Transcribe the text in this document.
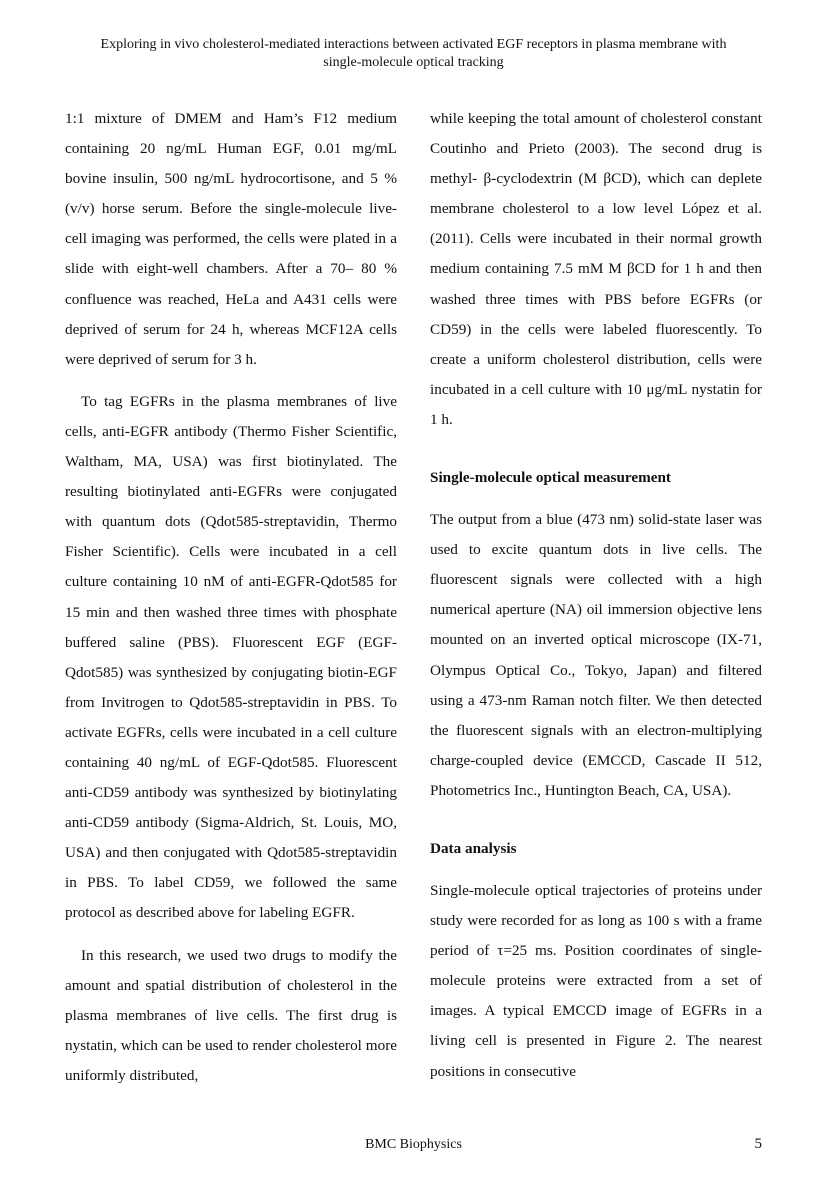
Exploring in vivo cholesterol-mediated interactions between activated EGF receptors in plasma membrane with
single-molecule optical tracking

1:1 mixture of DMEM and Ham’s F12 medium containing 20 ng/mL Human EGF, 0.01 mg/mL bovine insulin, 500 ng/mL hydrocortisone, and 5 %(v/v) horse serum. Before the single-molecule live-cell imaging was performed, the cells were plated in a slide with eight-well chambers. After a 70– 80 % confluence was reached, HeLa and A431 cells were deprived of serum for 24 h, whereas MCF12A cells were deprived of serum for 3 h.

To tag EGFRs in the plasma membranes of live cells, anti-EGFR antibody (Thermo Fisher Scientific, Waltham, MA, USA) was first biotinylated. The resulting biotinylated anti-EGFRs were conjugated with quantum dots (Qdot585-streptavidin, Thermo Fisher Scientific). Cells were incubated in a cell culture containing 10 nM of anti-EGFR-Qdot585 for 15 min and then washed three times with phosphate buffered saline (PBS). Fluorescent EGF (EGF-Qdot585) was synthesized by conjugating biotin-EGF from Invitrogen to Qdot585-streptavidin in PBS. To activate EGFRs, cells were incubated in a cell culture containing 40 ng/mL of EGF-Qdot585. Fluorescent anti-CD59 antibody was synthesized by biotinylating anti-CD59 antibody (Sigma-Aldrich, St. Louis, MO, USA) and then conjugated with Qdot585-streptavidin in PBS. To label CD59, we followed the same protocol as described above for labeling EGFR.

In this research, we used two drugs to modify the amount and spatial distribution of cholesterol in the plasma membranes of live cells. The first drug is nystatin, which can be used to render cholesterol more uniformly distributed,

while keeping the total amount of cholesterol constant Coutinho and Prieto (2003). The second drug is methyl- β-cyclodextrin (M βCD), which can deplete membrane cholesterol to a low level López et al. (2011). Cells were incubated in their normal growth medium containing 7.5 mM M βCD for 1 h and then washed three times with PBS before EGFRs (or CD59) in the cells were labeled fluorescently. To create a uniform cholesterol distribution, cells were incubated in a cell culture with 10 μg/mL nystatin for 1 h.

Single-molecule optical measurement

The output from a blue (473 nm) solid-state laser was used to excite quantum dots in live cells. The fluorescent signals were collected with a high numerical aperture (NA) oil immersion objective lens mounted on an inverted optical microscope (IX-71, Olympus Optical Co., Tokyo, Japan) and filtered using a 473-nm Raman notch filter. We then detected the fluorescent signals with an electron-multiplying charge-coupled device (EMCCD, Cascade II 512, Photometrics Inc., Huntington Beach, CA, USA).

Data analysis

Single-molecule optical trajectories of proteins under study were recorded for as long as 100 s with a frame period of τ=25 ms. Position coordinates of single-molecule proteins were extracted from a set of images. A typical EMCCD image of EGFRs in a living cell is presented in Figure 2. The nearest positions in consecutive

BMC Biophysics	5
